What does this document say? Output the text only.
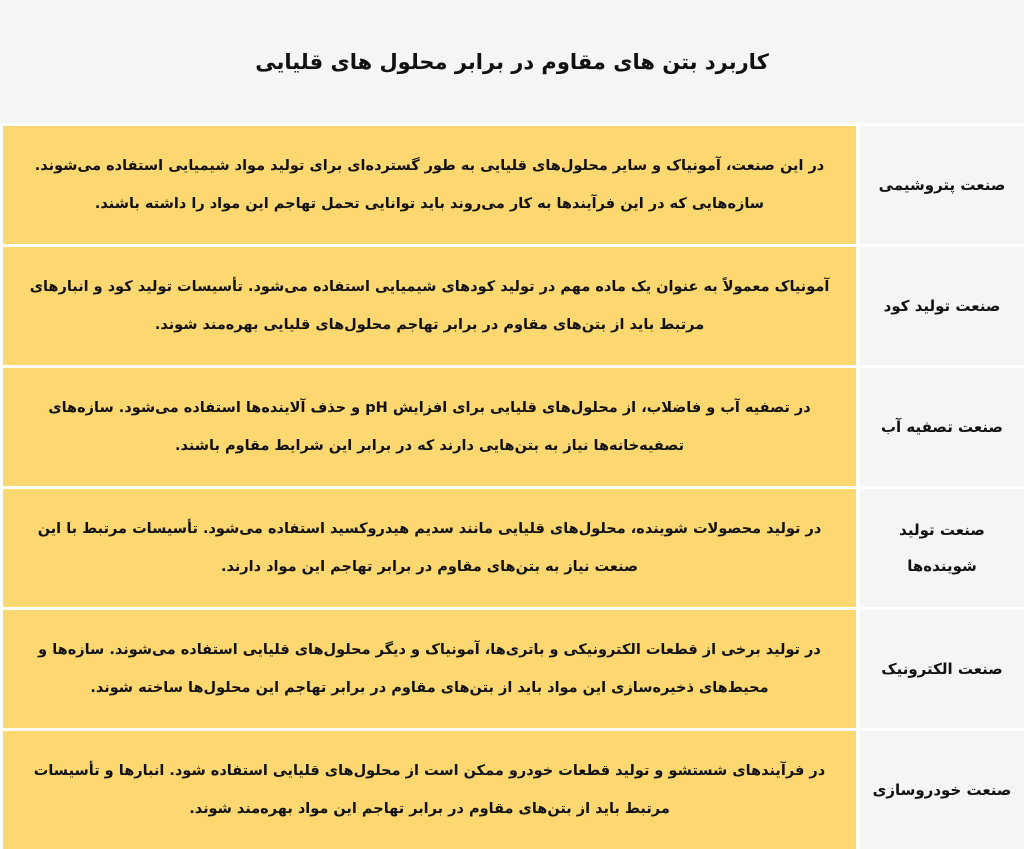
کاربرد بتن های مقاوم در برابر محلول های قلیایی
صنعت پتروشیمی
در این صنعت، آمونیاک و سایر محلول‌های قلیایی به طور گسترده‌ای برای تولید مواد شیمیایی استفاده می‌شوند. سازه‌هایی که در این فرآیندها به کار می‌روند باید توانایی تحمل تهاجم این مواد را داشته باشند.
صنعت تولید کود
آمونیاک معمولاً به عنوان یک ماده مهم در تولید کودهای شیمیایی استفاده می‌شود. تأسیسات تولید کود و انبارهای مرتبط باید از بتن‌های مقاوم در برابر تهاجم محلول‌های قلیایی بهره‌مند شوند.
صنعت تصفیه آب
در تصفیه آب و فاضلاب، از محلول‌های قلیایی برای افزایش pH و حذف آلاینده‌ها استفاده می‌شود. سازه‌های تصفیه‌خانه‌ها نیاز به بتن‌هایی دارند که در برابر این شرایط مقاوم باشند.
صنعت تولید شوینده‌ها
در تولید محصولات شوینده، محلول‌های قلیایی مانند سدیم هیدروکسید استفاده می‌شود. تأسیسات مرتبط با این صنعت نیاز به بتن‌های مقاوم در برابر تهاجم این مواد دارند.
صنعت الکترونیک
در تولید برخی از قطعات الکترونیکی و باتری‌ها، آمونیاک و دیگر محلول‌های قلیایی استفاده می‌شوند. سازه‌ها و محیط‌های ذخیره‌سازی این مواد باید از بتن‌های مقاوم در برابر تهاجم این محلول‌ها ساخته شوند.
صنعت خودروسازی
در فرآیندهای شستشو و تولید قطعات خودرو ممکن است از محلول‌های قلیایی استفاده شود. انبارها و تأسیسات مرتبط باید از بتن‌های مقاوم در برابر تهاجم این مواد بهره‌مند شوند.
